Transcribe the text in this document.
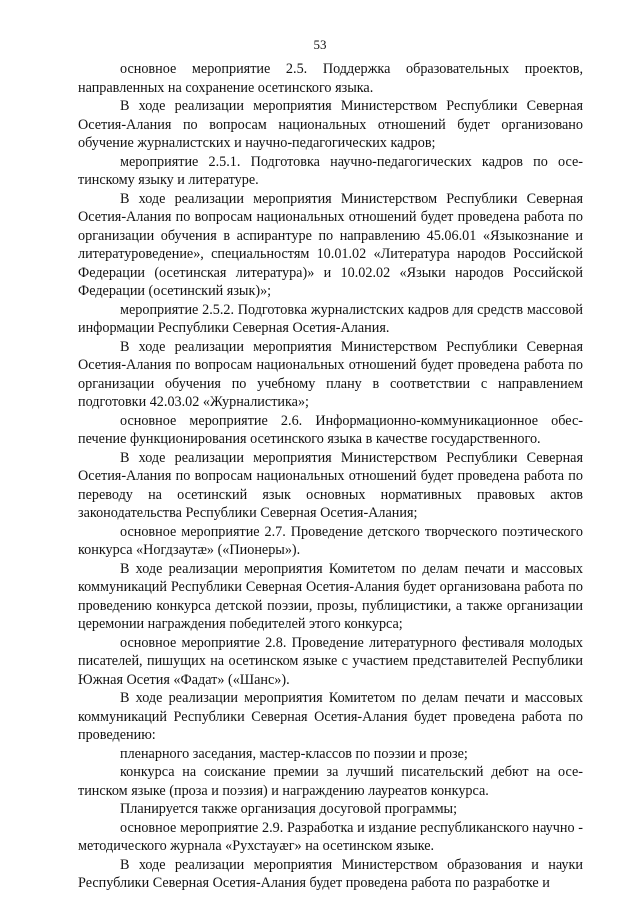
53

основное мероприятие 2.5. Поддержка образовательных проектов, направленных на сохранение осетинского языка.

В ходе реализации мероприятия Министерством Республики Северная Осетия-Алания по вопросам национальных отношений будет организовано обучение журналистских и научно-педагогических кадров;

мероприятие 2.5.1. Подготовка научно-педагогических кадров по осетинскому языку и литературе.

В ходе реализации мероприятия Министерством Республики Северная Осетия-Алания по вопросам национальных отношений будет проведена работа по организации обучения в аспирантуре по направлению 45.06.01 «Языкознание и литературоведение», специальностям 10.01.02 «Литература народов Российской Федерации (осетинская литература)» и 10.02.02 «Языки народов Российской Федерации (осетинский язык)»;

мероприятие 2.5.2. Подготовка журналистских кадров для средств массовой информации Республики Северная Осетия-Алания.

В ходе реализации мероприятия Министерством Республики Северная Осетия-Алания по вопросам национальных отношений будет проведена работа по организации обучения по учебному плану в соответствии с направлением подготовки 42.03.02 «Журналистика»;

основное мероприятие 2.6. Информационно-коммуникационное обеспечение функционирования осетинского языка в качестве государственного.

В ходе реализации мероприятия Министерством Республики Северная Осетия-Алания по вопросам национальных отношений будет проведена работа по переводу на осетинский язык основных нормативных правовых актов законодательства Республики Северная Осетия-Алания;

основное мероприятие 2.7. Проведение детского творческого поэтического конкурса «Ногдзаутæ» («Пионеры»).

В ходе реализации мероприятия Комитетом по делам печати и массовых коммуникаций Республики Северная Осетия-Алания будет организована работа по проведению конкурса детской поэзии, прозы, публицистики, а также организации церемонии награждения победителей этого конкурса;

основное мероприятие 2.8. Проведение литературного фестиваля молодых писателей, пишущих на осетинском языке с участием представителей Республики Южная Осетия «Фадат» («Шанс»).

В ходе реализации мероприятия Комитетом по делам печати и массовых коммуникаций Республики Северная Осетия-Алания будет проведена работа по проведению:

пленарного заседания, мастер-классов по поэзии и прозе;

конкурса на соискание премии за лучший писательский дебют на осетинском языке (проза и поэзия) и награждению лауреатов конкурса.

Планируется также организация досуговой программы;

основное мероприятие 2.9. Разработка и издание республиканского научно - методического журнала «Рухстауæг» на осетинском языке.

В ходе реализации мероприятия Министерством образования и науки Республики Северная Осетия-Алания будет проведена работа по разработке и
